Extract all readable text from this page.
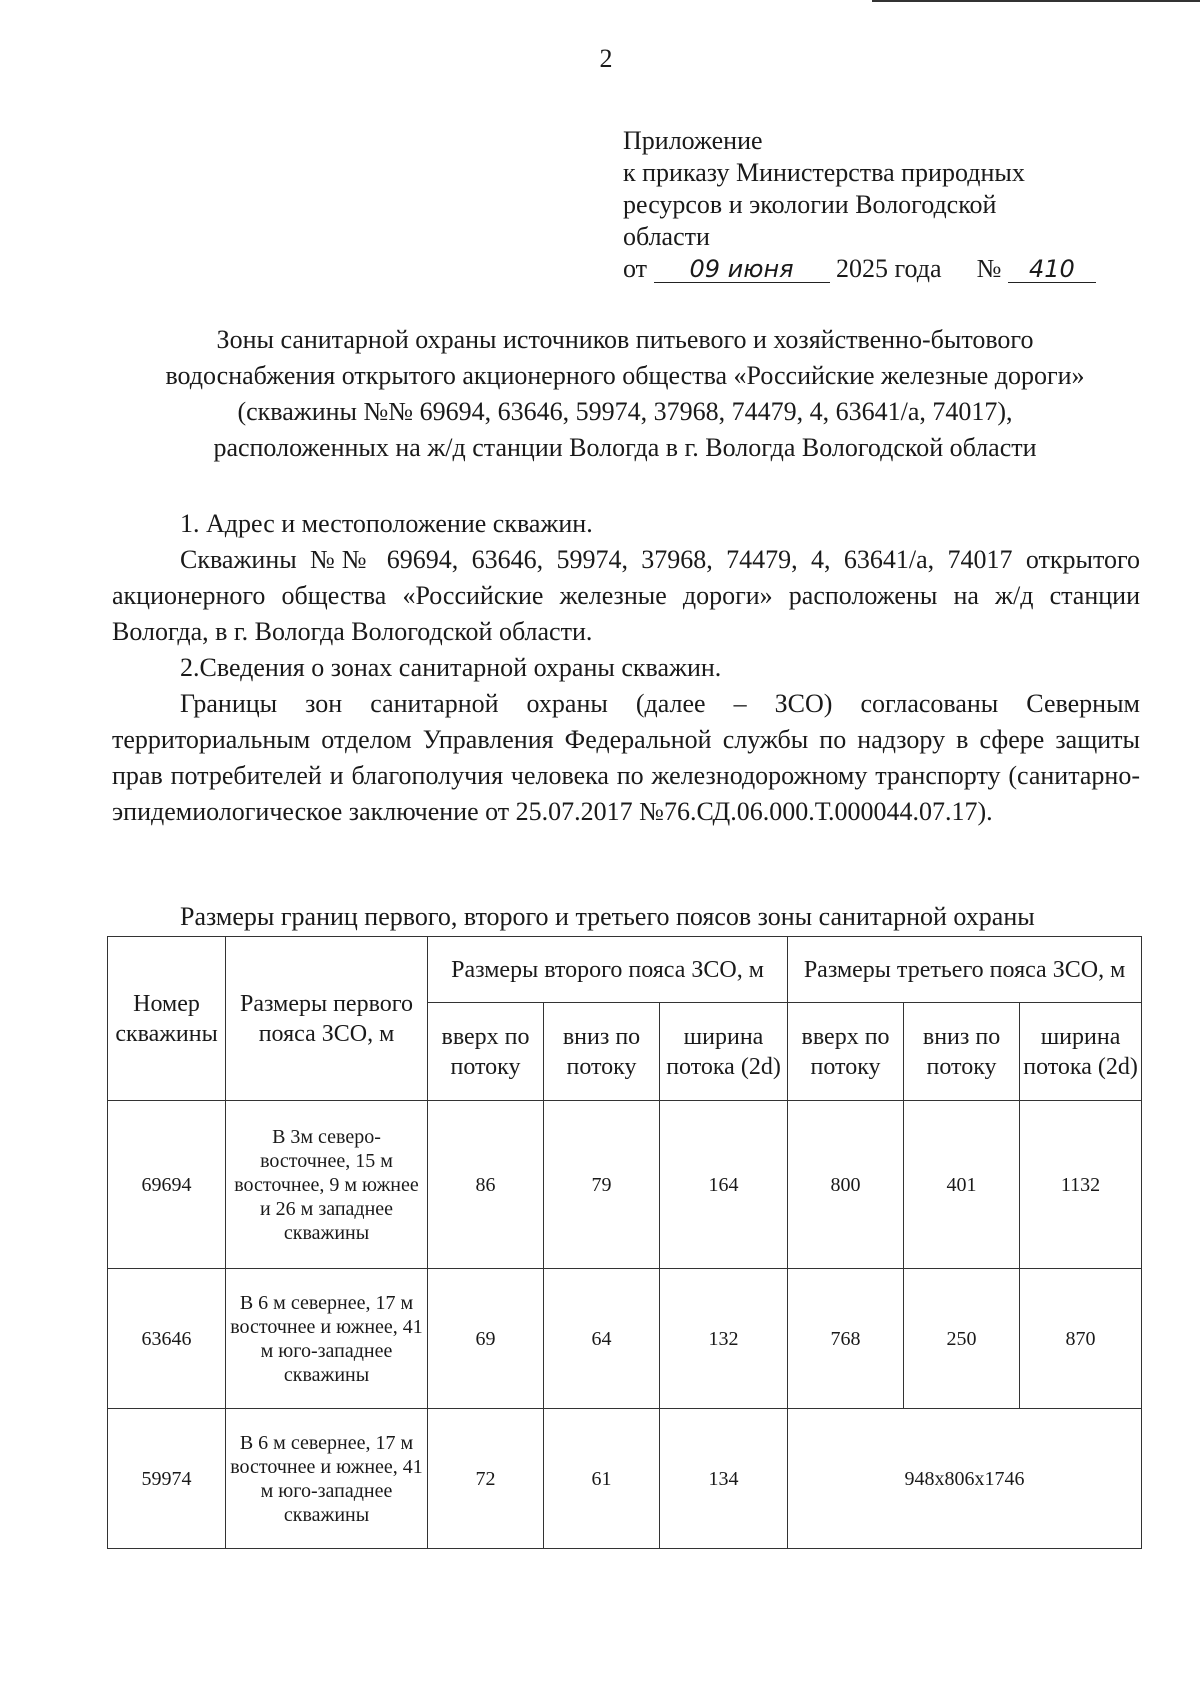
2
Приложение
к приказу Министерства природных
ресурсов и экологии Вологодской
области
от 09 июня 2025 года № 410
Зоны санитарной охраны источников питьевого и хозяйственно-бытового
водоснабжения открытого акционерного общества «Российские железные дороги»
(скважины №№ 69694, 63646, 59974, 37968, 74479, 4, 63641/а, 74017),
расположенных на ж/д станции Вологда в г. Вологда Вологодской области

1. Адрес и местоположение скважин.

Скважины №№ 69694, 63646, 59974, 37968, 74479, 4, 63641/а, 74017 открытого акционерного общества «Российские железные дороги» расположены на ж/д станции Вологда, в г. Вологда Вологодской области.

2.Сведения о зонах санитарной охраны скважин.

Границы зон санитарной охраны (далее – ЗСО) согласованы Северным территориальным отделом Управления Федеральной службы по надзору в сфере защиты прав потребителей и благополучия человека по железнодорожному транспорту (санитарно-эпидемиологическое заключение от 25.07.2017 №76.СД.06.000.Т.000044.07.17).

Размеры границ первого, второго и третьего поясов зоны санитарной охраны
Номер скважины	Размеры первого пояса ЗСО, м	Размеры второго пояса ЗСО, м			Размеры третьего пояса ЗСО, м		
		вверх по потоку	вниз по потоку	ширина потока (2d)	вверх по потоку	вниз по потоку	ширина потока (2d)
69694	В 3м северо-восточнее, 15 м восточнее, 9 м южнее и 26 м западнее скважины	86	79	164	800	401	1132
63646	В 6 м севернее, 17 м восточнее и южнее, 41 м юго-западнее скважины	69	64	132	768	250	870
59974	В 6 м севернее, 17 м восточнее и южнее, 41 м юго-западнее скважины	72	61	134	948х806х1746		
